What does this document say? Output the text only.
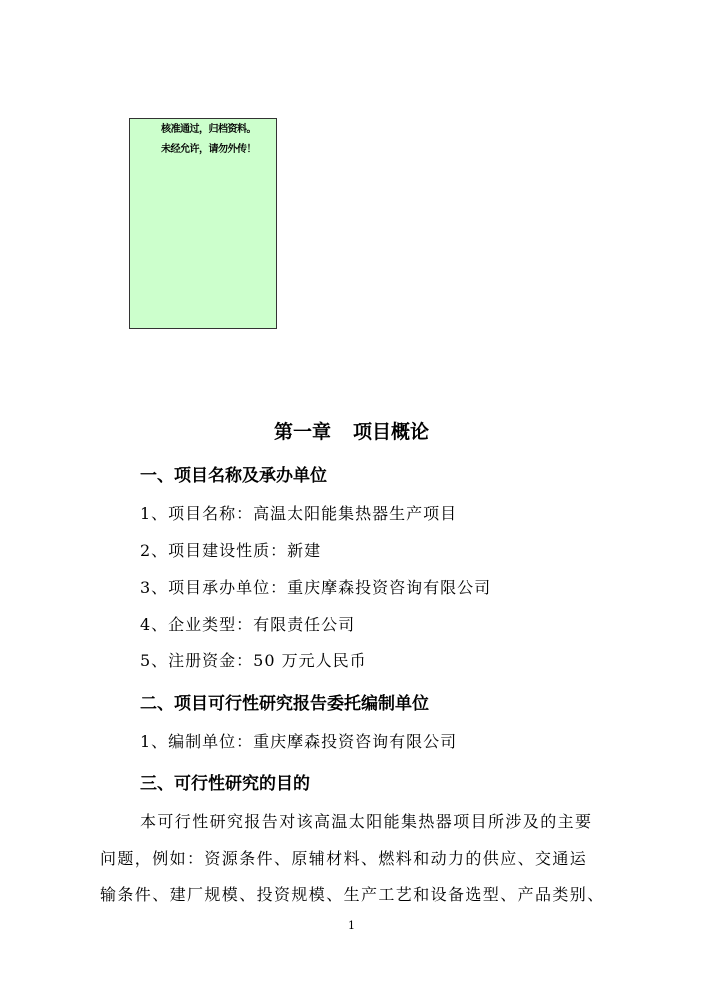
核准通过，归档资料。
未经允许，请勿外传！
第一章 项目概论
一、项目名称及承办单位
1、项目名称：高温太阳能集热器生产项目
2、项目建设性质：新建
3、项目承办单位：重庆摩森投资咨询有限公司
4、企业类型：有限责任公司
5、注册资金：50 万元人民币
二、项目可行性研究报告委托编制单位
1、编制单位：重庆摩森投资咨询有限公司
三、可行性研究的目的
本可行性研究报告对该高温太阳能集热器项目所涉及的主要
问题，例如：资源条件、原辅材料、燃料和动力的供应、交通运
输条件、建厂规模、投资规模、生产工艺和设备选型、产品类别、
1
